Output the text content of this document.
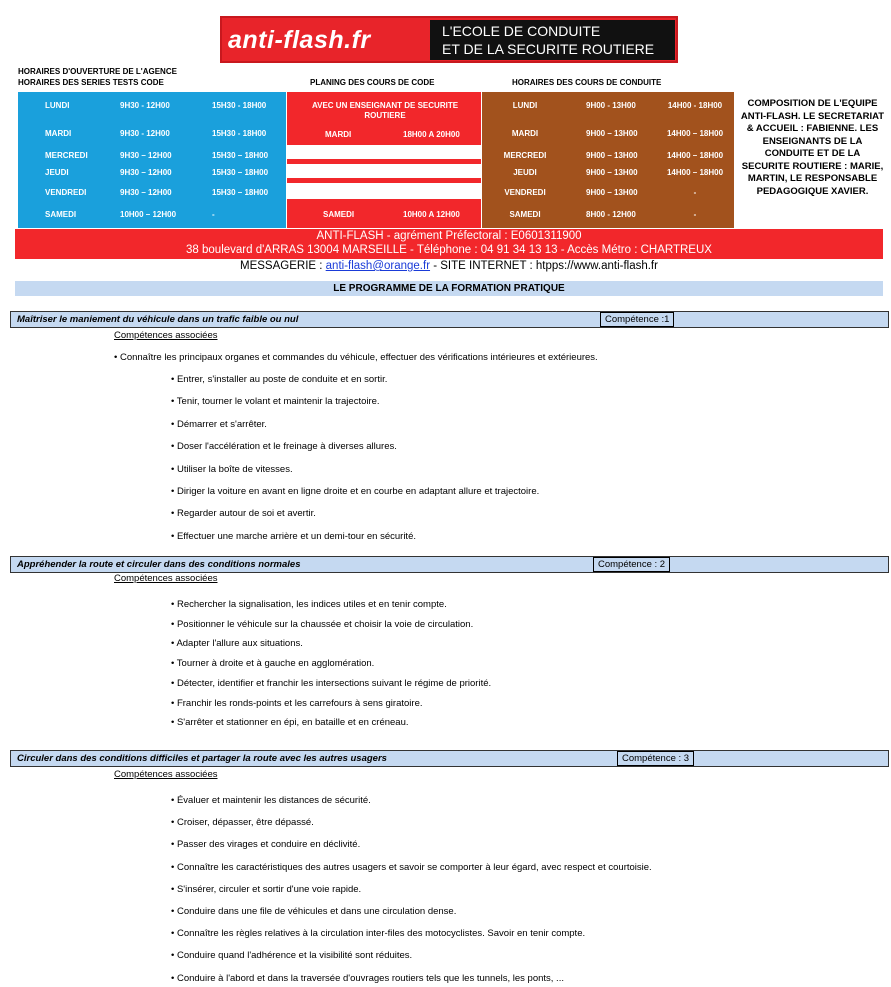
anti-flash.fr	L'ECOLE DE CONDUITE
ET DE LA SECURITE ROUTIERE
HORAIRES D'OUVERTURE DE L'AGENCE
HORAIRES DES SERIES TESTS CODE	PLANING DES COURS DE CODE	HORAIRES DES COURS DE CONDUITE
LUNDI	9H30 - 12H00	15H30 - 18H00
MARDI	9H30 - 12H00	15H30 - 18H00
MERCREDI	9H30 – 12H00	15H30 – 18H00
JEUDI	9H30 – 12H00	15H30 – 18H00
VENDREDI	9H30 – 12H00	15H30 – 18H00
SAMEDI	10H00 – 12H00	-
AVEC UN ENSEIGNANT DE SECURITE ROUTIERE
MARDI	18H00 A 20H00
SAMEDI	10H00 A 12H00
LUNDI	9H00 - 13H00	14H00 - 18H00
MARDI	9H00 – 13H00	14H00 – 18H00
MERCREDI	9H00 – 13H00	14H00 – 18H00
JEUDI	9H00 – 13H00	14H00 – 18H00
VENDREDI	9H00 – 13H00	-
SAMEDI	8H00 - 12H00	-
COMPOSITION DE L'EQUIPE ANTI-FLASH. LE SECRETARIAT & ACCUEIL : FABIENNE. LES ENSEIGNANTS DE LA CONDUITE ET DE LA SECURITE ROUTIERE : MARIE, MARTIN, LE RESPONSABLE PEDAGOGIQUE XAVIER.
ANTI-FLASH - agrément Préfectoral : E0601311900
38 boulevard d'ARRAS 13004 MARSEILLE - Téléphone : 04 91 34 13 13 - Accès Métro : CHARTREUX
MESSAGERIE : anti-flash@orange.fr - SITE INTERNET : htpps://www.anti-flash.fr
LE PROGRAMME DE LA FORMATION PRATIQUE
Maîtriser le maniement du véhicule dans un trafic faible ou nul	Compétence :1
Compétences associées
• Connaître les principaux organes et commandes du véhicule, effectuer des vérifications intérieures et extérieures.
• Entrer, s'installer au poste de conduite et en sortir.
• Tenir, tourner le volant et maintenir la trajectoire.
• Démarrer et s'arrêter.
• Doser l'accélération et le freinage à diverses allures.
• Utiliser la boîte de vitesses.
• Diriger la voiture en avant en ligne droite et en courbe en adaptant allure et trajectoire.
• Regarder autour de soi et avertir.
• Effectuer une marche arrière et un demi-tour en sécurité.
Appréhender la route et circuler dans des conditions normales	Compétence : 2
Compétences associées
• Rechercher la signalisation, les indices utiles et en tenir compte.
• Positionner le véhicule sur la chaussée et choisir la voie de circulation.
• Adapter l'allure aux situations.
• Tourner à droite et à gauche en agglomération.
• Détecter, identifier et franchir les intersections suivant le régime de priorité.
• Franchir les ronds-points et les carrefours à sens giratoire.
• S'arrêter et stationner en épi, en bataille et en créneau.
Circuler dans des conditions difficiles et partager la route avec les autres usagers	Compétence : 3
Compétences associées
• Évaluer et maintenir les distances de sécurité.
• Croiser, dépasser, être dépassé.
• Passer des virages et conduire en déclivité.
• Connaître les caractéristiques des autres usagers et savoir se comporter à leur égard, avec respect et courtoisie.
• S'insérer, circuler et sortir d'une voie rapide.
• Conduire dans une file de véhicules et dans une circulation dense.
• Connaître les règles relatives à la circulation inter-files des motocyclistes. Savoir en tenir compte.
• Conduire quand l'adhérence et la visibilité sont réduites.
• Conduire à l'abord et dans la traversée d'ouvrages routiers tels que les tunnels, les ponts, ...
